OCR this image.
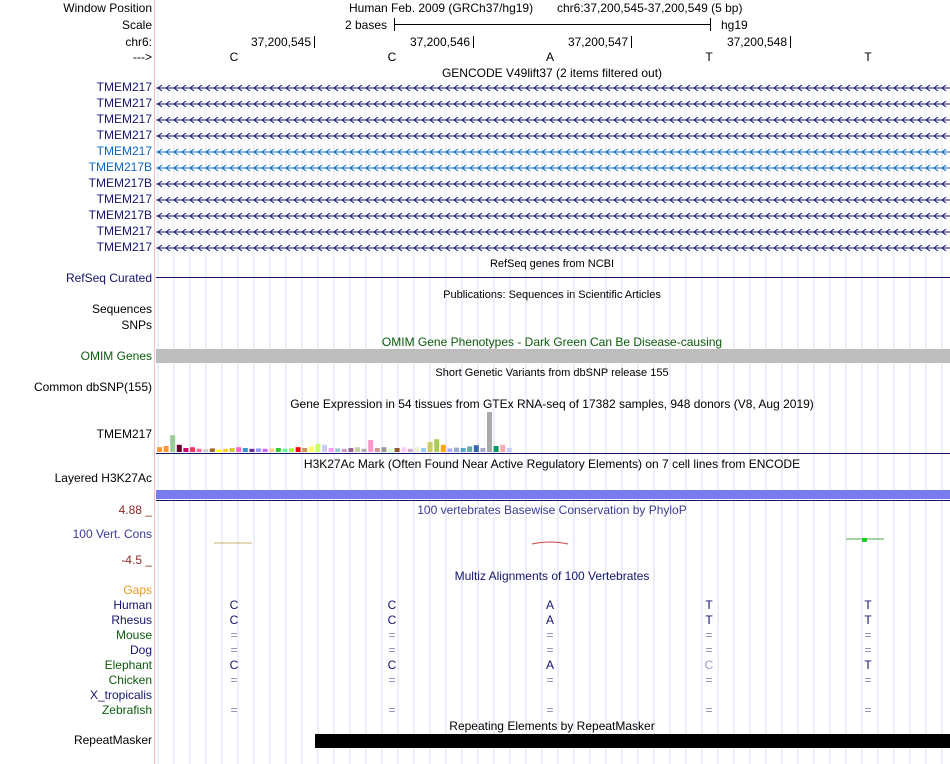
Window Position	Human Feb. 2009 (GRCh37/hg19) chr6:37,200,545-37,200,549 (5 bp)
Scale	2 bases	hg19
chr6:	37,200,545	37,200,546	37,200,547	37,200,548
--->	C	C	A	T	T
GENCODE V49lift37 (2 items filtered out)
TMEM217
TMEM217
TMEM217
TMEM217
TMEM217
TMEM217B
TMEM217B
TMEM217
TMEM217B
TMEM217
TMEM217
RefSeq genes from NCBI
RefSeq Curated
Publications: Sequences in Scientific Articles
Sequences
SNPs
OMIM Gene Phenotypes - Dark Green Can Be Disease-causing
OMIM Genes
Short Genetic Variants from dbSNP release 155
Common dbSNP(155)
Gene Expression in 54 tissues from GTEx RNA-seq of 17382 samples, 948 donors (V8, Aug 2019)
TMEM217
H3K27Ac Mark (Often Found Near Active Regulatory Elements) on 7 cell lines from ENCODE
Layered H3K27Ac
4.88 _	100 vertebrates Basewise Conservation by PhyloP
100 Vert. Cons
-4.5 _
Multiz Alignments of 100 Vertebrates
Gaps
Human	C	C	A	T	T
Rhesus	C	C	A	T	T
Mouse	=	=	=	=	=
Dog	=	=	=	=	=
Elephant	C	C	A	C	T
Chicken	=	=	=	=	=
X_tropicalis
Zebrafish	=	=	=	=	=
Repeating Elements by RepeatMasker
RepeatMasker
